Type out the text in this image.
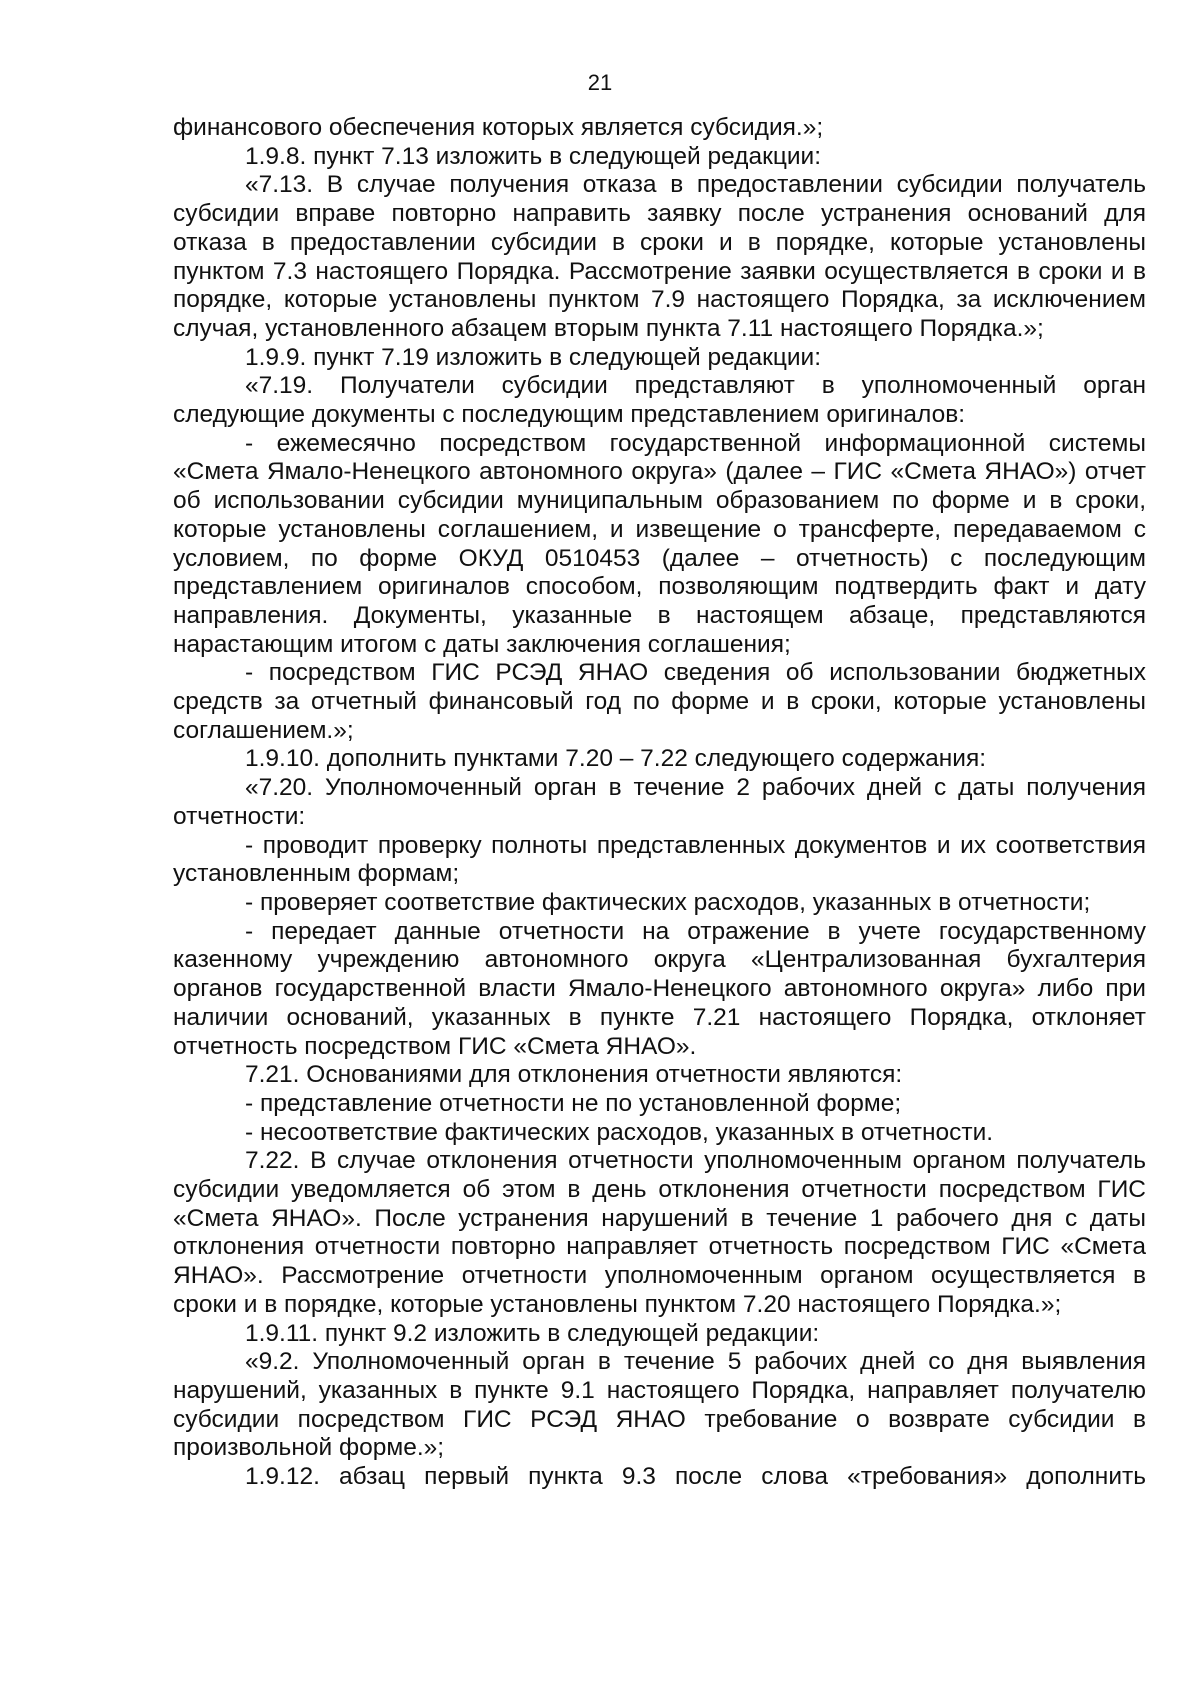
21

финансового обеспечения которых является субсидия.»;

1.9.8. пункт 7.13 изложить в следующей редакции:

«7.13. В случае получения отказа в предоставлении субсидии получатель субсидии вправе повторно направить заявку после устранения оснований для отказа в предоставлении субсидии в сроки и в порядке, которые установлены пунктом 7.3 настоящего Порядка. Рассмотрение заявки осуществляется в сроки и в порядке, которые установлены пунктом 7.9 настоящего Порядка, за исключением случая, установленного абзацем вторым пункта 7.11 настоящего Порядка.»;

1.9.9. пункт 7.19 изложить в следующей редакции:

«7.19. Получатели субсидии представляют в уполномоченный орган следующие документы с последующим представлением оригиналов:

- ежемесячно посредством государственной информационной системы «Смета Ямало-Ненецкого автономного округа» (далее – ГИС «Смета ЯНАО») отчет об использовании субсидии муниципальным образованием по форме и в сроки, которые установлены соглашением, и извещение о трансферте, передаваемом с условием, по форме ОКУД 0510453 (далее – отчетность) с последующим представлением оригиналов способом, позволяющим подтвердить факт и дату направления. Документы, указанные в настоящем абзаце, представляются нарастающим итогом с даты заключения соглашения;

- посредством ГИС РСЭД ЯНАО сведения об использовании бюджетных средств за отчетный финансовый год по форме и в сроки, которые установлены соглашением.»;

1.9.10. дополнить пунктами 7.20 – 7.22 следующего содержания:

«7.20. Уполномоченный орган в течение 2 рабочих дней с даты получения отчетности:

- проводит проверку полноты представленных документов и их соответствия установленным формам;

- проверяет соответствие фактических расходов, указанных в отчетности;

- передает данные отчетности на отражение в учете государственному казенному учреждению автономного округа «Централизованная бухгалтерия органов государственной власти Ямало-Ненецкого автономного округа» либо при наличии оснований, указанных в пункте 7.21 настоящего Порядка, отклоняет отчетность посредством ГИС «Смета ЯНАО».

7.21. Основаниями для отклонения отчетности являются:

- представление отчетности не по установленной форме;

- несоответствие фактических расходов, указанных в отчетности.

7.22. В случае отклонения отчетности уполномоченным органом получатель субсидии уведомляется об этом в день отклонения отчетности посредством ГИС «Смета ЯНАО». После устранения нарушений в течение 1 рабочего дня с даты отклонения отчетности повторно направляет отчетность посредством ГИС «Смета ЯНАО». Рассмотрение отчетности уполномоченным органом осуществляется в сроки и в порядке, которые установлены пунктом 7.20 настоящего Порядка.»;

1.9.11. пункт 9.2 изложить в следующей редакции:

«9.2. Уполномоченный орган в течение 5 рабочих дней со дня выявления нарушений, указанных в пункте 9.1 настоящего Порядка, направляет получателю субсидии посредством ГИС РСЭД ЯНАО требование о возврате субсидии в произвольной форме.»;

1.9.12. абзац первый пункта 9.3 после слова «требования» дополнить
